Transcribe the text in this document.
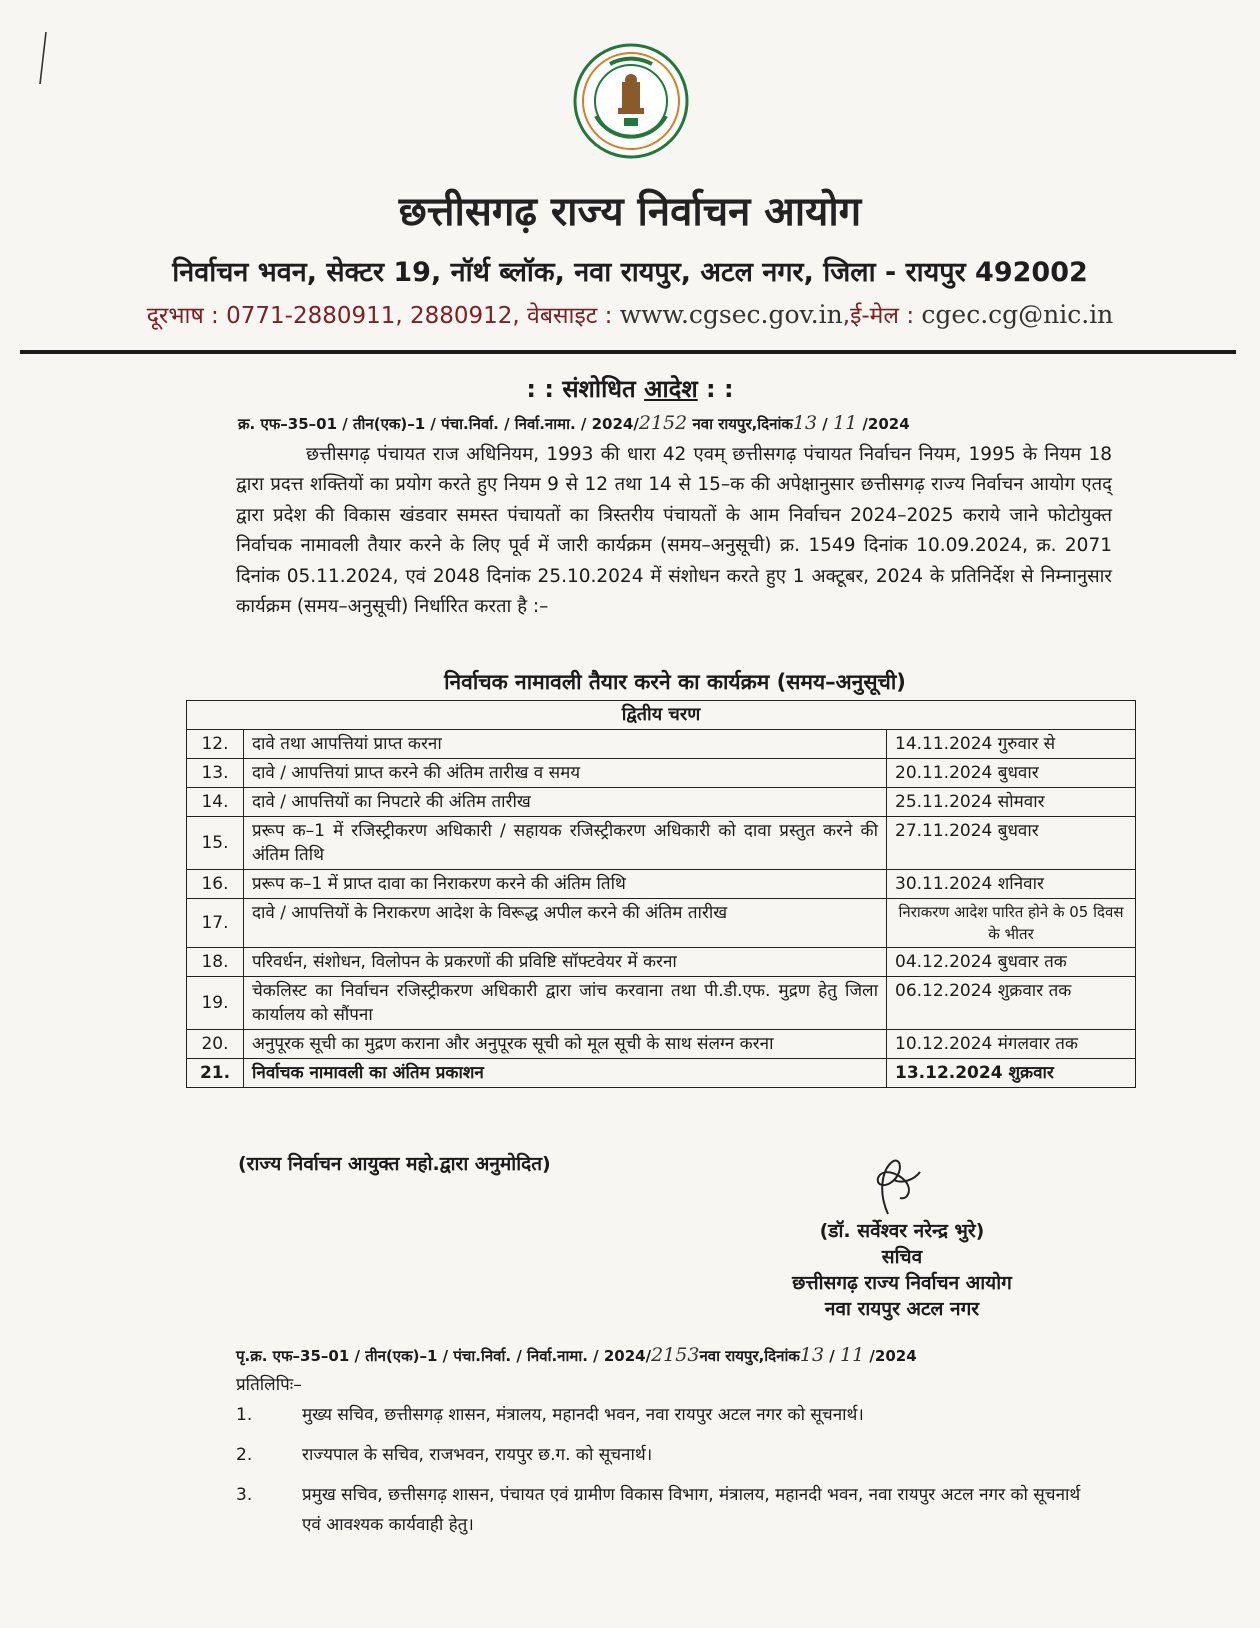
छत्तीसगढ़ राज्य निर्वाचन आयोग
निर्वाचन भवन, सेक्टर 19, नॉर्थ ब्लॉक, नवा रायपुर, अटल नगर, जिला - रायपुर 492002
दूरभाष : 0771-2880911, 2880912, वेबसाइट : www.cgsec.gov.in,ई-मेल : cgec.cg@nic.in
: : संशोधित आदेश : :
क्र. एफ–35–01 / तीन(एक)–1 / पंचा.निर्वा. / निर्वा.नामा. / 2024/2152 नवा रायपुर,दिनांक13 / 11 /2024
छत्तीसगढ़ पंचायत राज अधिनियम, 1993 की धारा 42 एवम् छत्तीसगढ़ पंचायत निर्वाचन नियम, 1995 के नियम 18 द्वारा प्रदत्त शक्तियों का प्रयोग करते हुए नियम 9 से 12 तथा 14 से 15–क की अपेक्षानुसार छत्तीसगढ़ राज्य निर्वाचन आयोग एतद् द्वारा प्रदेश की विकास खंडवार समस्त पंचायतों का त्रिस्तरीय पंचायतों के आम निर्वाचन 2024–2025 कराये जाने फोटोयुक्त निर्वाचक नामावली तैयार करने के लिए पूर्व में जारी कार्यक्रम (समय–अनुसूची) क्र. 1549 दिनांक 10.09.2024, क्र. 2071 दिनांक 05.11.2024, एवं 2048 दिनांक 25.10.2024 में संशोधन करते हुए 1 अक्टूबर, 2024 के प्रतिनिर्देश से निम्नानुसार कार्यक्रम (समय–अनुसूची) निर्धारित करता है :–
निर्वाचक नामावली तैयार करने का कार्यक्रम (समय–अनुसूची)
द्वितीय चरण		
12.	दावे तथा आपत्तियां प्राप्त करना	14.11.2024 गुरुवार से
13.	दावे / आपत्तियां प्राप्त करने की अंतिम तारीख व समय	20.11.2024 बुधवार
14.	दावे / आपत्तियों का निपटारे की अंतिम तारीख	25.11.2024 सोमवार
15.	प्ररूप क–1 में रजिस्ट्रीकरण अधिकारी / सहायक रजिस्ट्रीकरण अधिकारी को दावा प्रस्तुत करने की अंतिम तिथि	27.11.2024 बुधवार
16.	प्ररूप क–1 में प्राप्त दावा का निराकरण करने की अंतिम तिथि	30.11.2024 शनिवार
17.	दावे / आपत्तियों के निराकरण आदेश के विरूद्ध अपील करने की अंतिम तारीख	निराकरण आदेश पारित होने के 05 दिवस के भीतर

18.	परिवर्धन, संशोधन, विलोपन के प्रकरणों की प्रविष्टि सॉफ्टवेयर में करना	04.12.2024 बुधवार तक
19.	चेकलिस्ट का निर्वाचन रजिस्ट्रीकरण अधिकारी द्वारा जांच करवाना तथा पी.डी.एफ. मुद्रण हेतु जिला कार्यालय को सौंपना	06.12.2024 शुक्रवार तक
20.	अनुपूरक सूची का मुद्रण कराना और अनुपूरक सूची को मूल सूची के साथ संलग्न करना	10.12.2024 मंगलवार तक
21.	निर्वाचक नामावली का अंतिम प्रकाशन	13.12.2024 शुक्रवार
(राज्य निर्वाचन आयुक्त महो.द्वारा अनुमोदित)
(डॉ. सर्वेश्वर नरेन्द्र भुरे)
सचिव
छत्तीसगढ़ राज्य निर्वाचन आयोग
नवा रायपुर अटल नगर
पृ.क्र. एफ–35–01 / तीन(एक)–1 / पंचा.निर्वा. / निर्वा.नामा. / 2024/2153नवा रायपुर,दिनांक13 / 11 /2024
प्रतिलिपिः–
1.	मुख्य सचिव, छत्तीसगढ़ शासन, मंत्रालय, महानदी भवन, नवा रायपुर अटल नगर को सूचनार्थ।
2.	राज्यपाल के सचिव, राजभवन, रायपुर छ.ग. को सूचनार्थ।
3.	प्रमुख सचिव, छत्तीसगढ़ शासन, पंचायत एवं ग्रामीण विकास विभाग, मंत्रालय, महानदी भवन, नवा रायपुर अटल नगर को सूचनार्थ एवं आवश्यक कार्यवाही हेतु।
